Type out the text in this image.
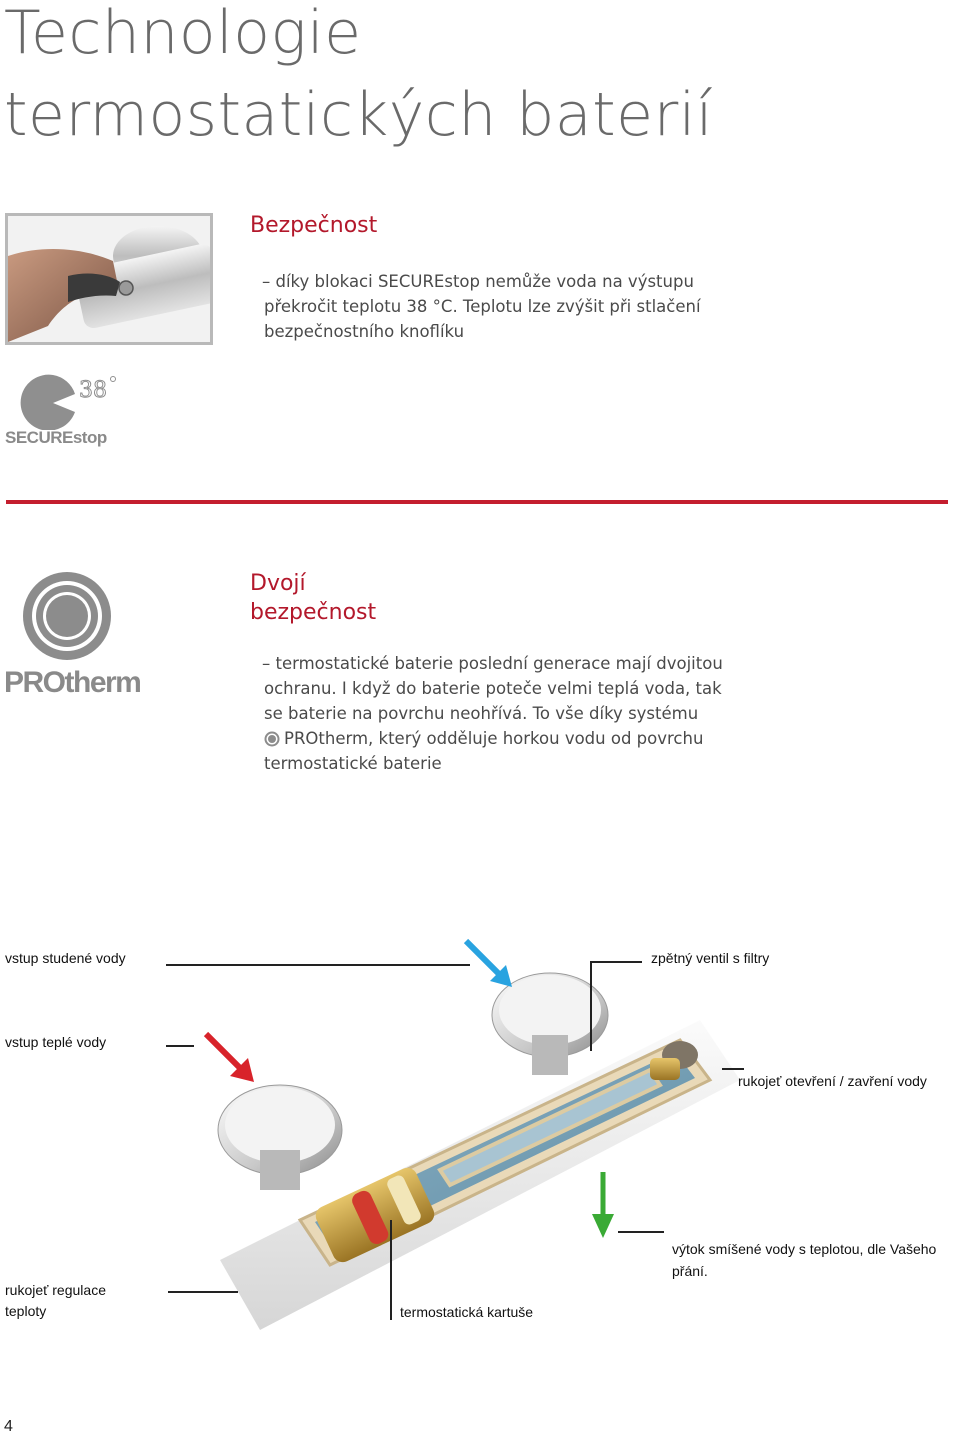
Technologie
termostatických baterií
Bezpečnost
– díky blokaci SECUREstop nemůže voda na výstupu
překročit teplotu 38 °C. Teplotu lze zvýšit při stlačení
bezpečnostního knoflíku
38
SECUREstop
PROtherm
Dvojí
bezpečnost
– termostatické baterie poslední generace mají dvojitou
ochranu. I když do baterie poteče velmi teplá voda, tak
se baterie na povrchu neohřívá. To vše díky systému
PROtherm, který odděluje horkou vodu od povrchu
termostatické baterie
vstup studené vody	zpětný ventil s filtry
vstup teplé vody
rukojeť otevření / zavření vody
výtok smíšené vody s teplotou, dle Vašeho
přání.
rukojeť regulace
teploty	termostatická kartuše
4
